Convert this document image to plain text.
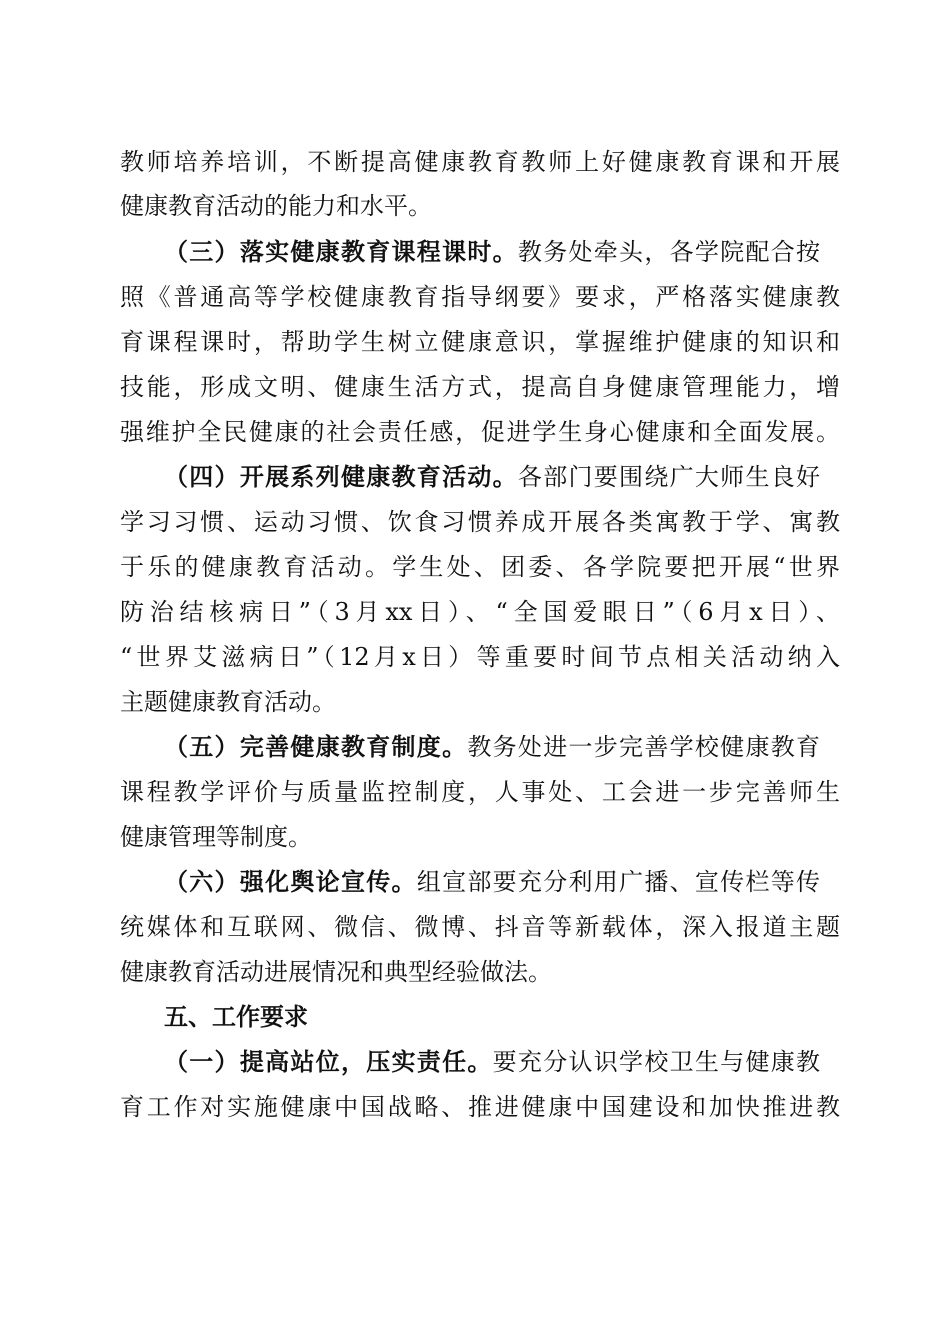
教师培养培训，不断提高健康教育教师上好健康教育课和开展
健康教育活动的能力和水平。
（三）落实健康教育课程课时。教务处牵头，各学院配合按
照《普通高等学校健康教育指导纲要》要求，严格落实健康教
育课程课时，帮助学生树立健康意识，掌握维护健康的知识和
技能，形成文明、健康生活方式，提高自身健康管理能力，增
强维护全民健康的社会责任感，促进学生身心健康和全面发展。
（四）开展系列健康教育活动。各部门要围绕广大师生良好
学习习惯、运动习惯、饮食习惯养成开展各类寓教于学、寓教
于乐的健康教育活动。学生处、团委、各学院要把开展“世界
防治结核病日”（3月xx日）、“全国爱眼日”（6月x日）、
“世界艾滋病日”（12月x日）等重要时间节点相关活动纳入
主题健康教育活动。
（五）完善健康教育制度。教务处进一步完善学校健康教育
课程教学评价与质量监控制度，人事处、工会进一步完善师生
健康管理等制度。
（六）强化舆论宣传。组宣部要充分利用广播、宣传栏等传
统媒体和互联网、微信、微博、抖音等新载体，深入报道主题
健康教育活动进展情况和典型经验做法。
五、工作要求
（一）提高站位，压实责任。要充分认识学校卫生与健康教
育工作对实施健康中国战略、推进健康中国建设和加快推进教
